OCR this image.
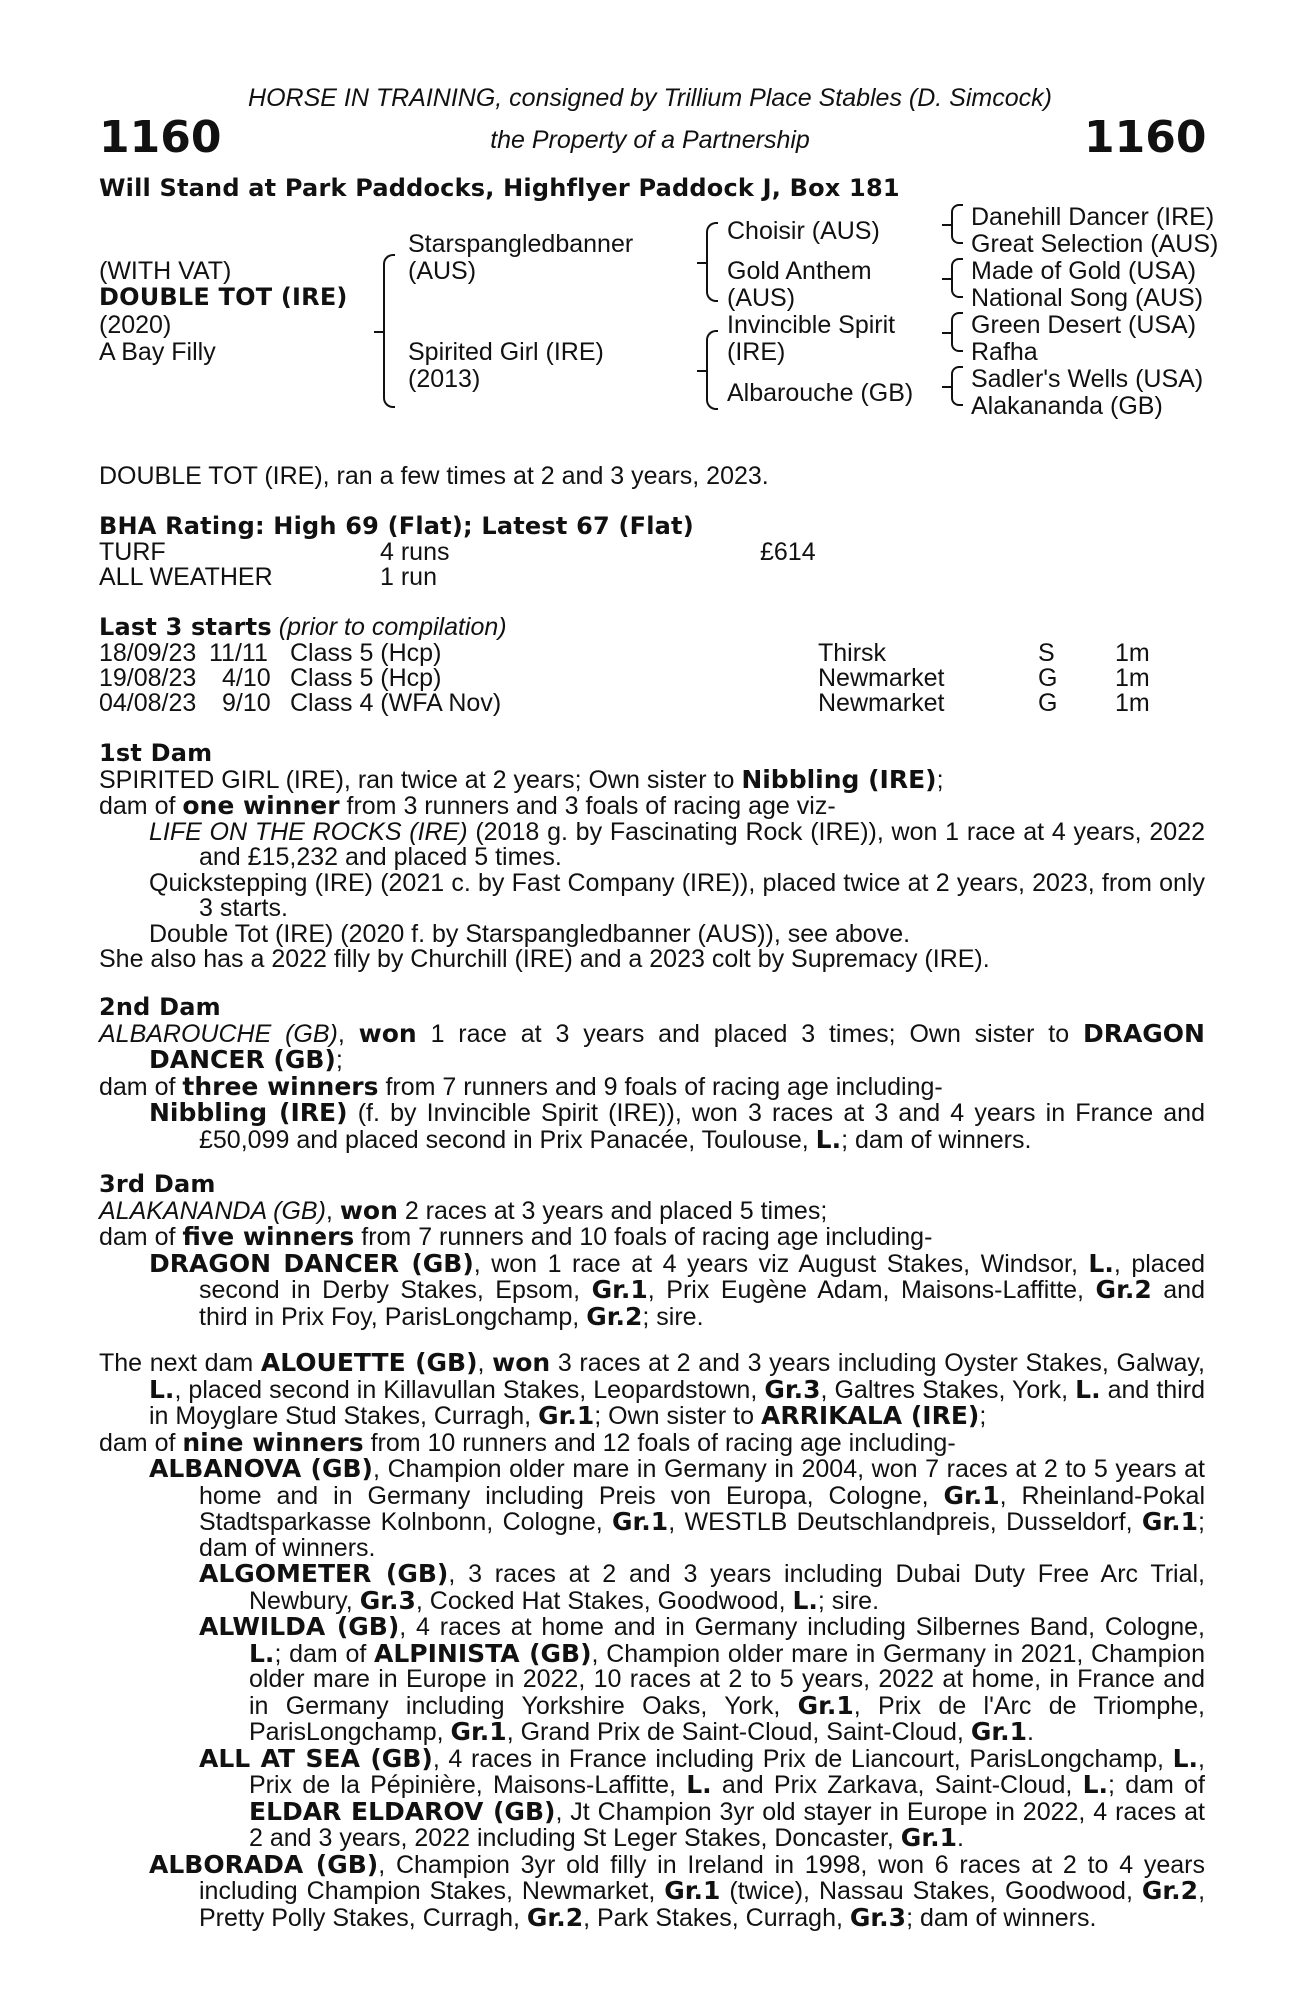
HORSE IN TRAINING, consigned by Trillium Place Stables (D. Simcock)
1160	the Property of a Partnership	1160
Will Stand at Park Paddocks, Highflyer Paddock J, Box 181
(WITH VAT)
DOUBLE TOT (IRE)
(2020)
A Bay Filly
Starspangledbanner
(AUS)
Spirited Girl (IRE)
(2013)
Choisir (AUS)
Gold Anthem
(AUS)
Invincible Spirit
(IRE)
Albarouche (GB)
Danehill Dancer (IRE)
Great Selection (AUS)
Made of Gold (USA)
National Song (AUS)
Green Desert (USA)
Rafha
Sadler's Wells (USA)
Alakananda (GB)
DOUBLE TOT (IRE), ran a few times at 2 and 3 years, 2023.
BHA Rating: High 69 (Flat); Latest 67 (Flat)
TURF	4 runs	£614
ALL WEATHER	1 run
Last 3 starts (prior to compilation)
18/09/23 11/11 Class 5 (Hcp)	Thirsk	S 1m
19/08/23 4/10 Class 5 (Hcp)	Newmarket	G 1m
04/08/23 9/10 Class 4 (WFA Nov)	Newmarket	G 1m

1st Dam

SPIRITED GIRL (IRE), ran twice at 2 years; Own sister to Nibbling (IRE);

dam of one winner from 3 runners and 3 foals of racing age viz-

LIFE ON THE ROCKS (IRE) (2018 g. by Fascinating Rock (IRE)), won 1 race at 4 years, 2022 and £15,232 and placed 5 times.

Quickstepping (IRE) (2021 c. by Fast Company (IRE)), placed twice at 2 years, 2023, from only 3 starts.

Double Tot (IRE) (2020 f. by Starspangledbanner (AUS)), see above.

She also has a 2022 filly by Churchill (IRE) and a 2023 colt by Supremacy (IRE).

2nd Dam

ALBAROUCHE (GB), won 1 race at 3 years and placed 3 times; Own sister to DRAGON DANCER (GB);

dam of three winners from 7 runners and 9 foals of racing age including-

Nibbling (IRE) (f. by Invincible Spirit (IRE)), won 3 races at 3 and 4 years in France and £50,099 and placed second in Prix Panacée, Toulouse, L.; dam of winners.

3rd Dam

ALAKANANDA (GB), won 2 races at 3 years and placed 5 times;

dam of five winners from 7 runners and 10 foals of racing age including-

DRAGON DANCER (GB), won 1 race at 4 years viz August Stakes, Windsor, L., placed second in Derby Stakes, Epsom, Gr.1, Prix Eugène Adam, Maisons-Laffitte, Gr.2 and third in Prix Foy, ParisLongchamp, Gr.2; sire.

The next dam ALOUETTE (GB), won 3 races at 2 and 3 years including Oyster Stakes, Galway, L., placed second in Killavullan Stakes, Leopardstown, Gr.3, Galtres Stakes, York, L. and third in Moyglare Stud Stakes, Curragh, Gr.1; Own sister to ARRIKALA (IRE);

dam of nine winners from 10 runners and 12 foals of racing age including-

ALBANOVA (GB), Champion older mare in Germany in 2004, won 7 races at 2 to 5 years at home and in Germany including Preis von Europa, Cologne, Gr.1, Rheinland-Pokal Stadtsparkasse Kolnbonn, Cologne, Gr.1, WESTLB Deutschlandpreis, Dusseldorf, Gr.1; dam of winners.

ALGOMETER (GB), 3 races at 2 and 3 years including Dubai Duty Free Arc Trial, Newbury, Gr.3, Cocked Hat Stakes, Goodwood, L.; sire.

ALWILDA (GB), 4 races at home and in Germany including Silbernes Band, Cologne, L.; dam of ALPINISTA (GB), Champion older mare in Germany in 2021, Champion older mare in Europe in 2022, 10 races at 2 to 5 years, 2022 at home, in France and in Germany including Yorkshire Oaks, York, Gr.1, Prix de l'Arc de Triomphe, ParisLongchamp, Gr.1, Grand Prix de Saint-Cloud, Saint-Cloud, Gr.1.

ALL AT SEA (GB), 4 races in France including Prix de Liancourt, ParisLongchamp, L., Prix de la Pépinière, Maisons-Laffitte, L. and Prix Zarkava, Saint-Cloud, L.; dam of ELDAR ELDAROV (GB), Jt Champion 3yr old stayer in Europe in 2022, 4 races at 2 and 3 years, 2022 including St Leger Stakes, Doncaster, Gr.1.

ALBORADA (GB), Champion 3yr old filly in Ireland in 1998, won 6 races at 2 to 4 years including Champion Stakes, Newmarket, Gr.1 (twice), Nassau Stakes, Goodwood, Gr.2, Pretty Polly Stakes, Curragh, Gr.2, Park Stakes, Curragh, Gr.3; dam of winners.
